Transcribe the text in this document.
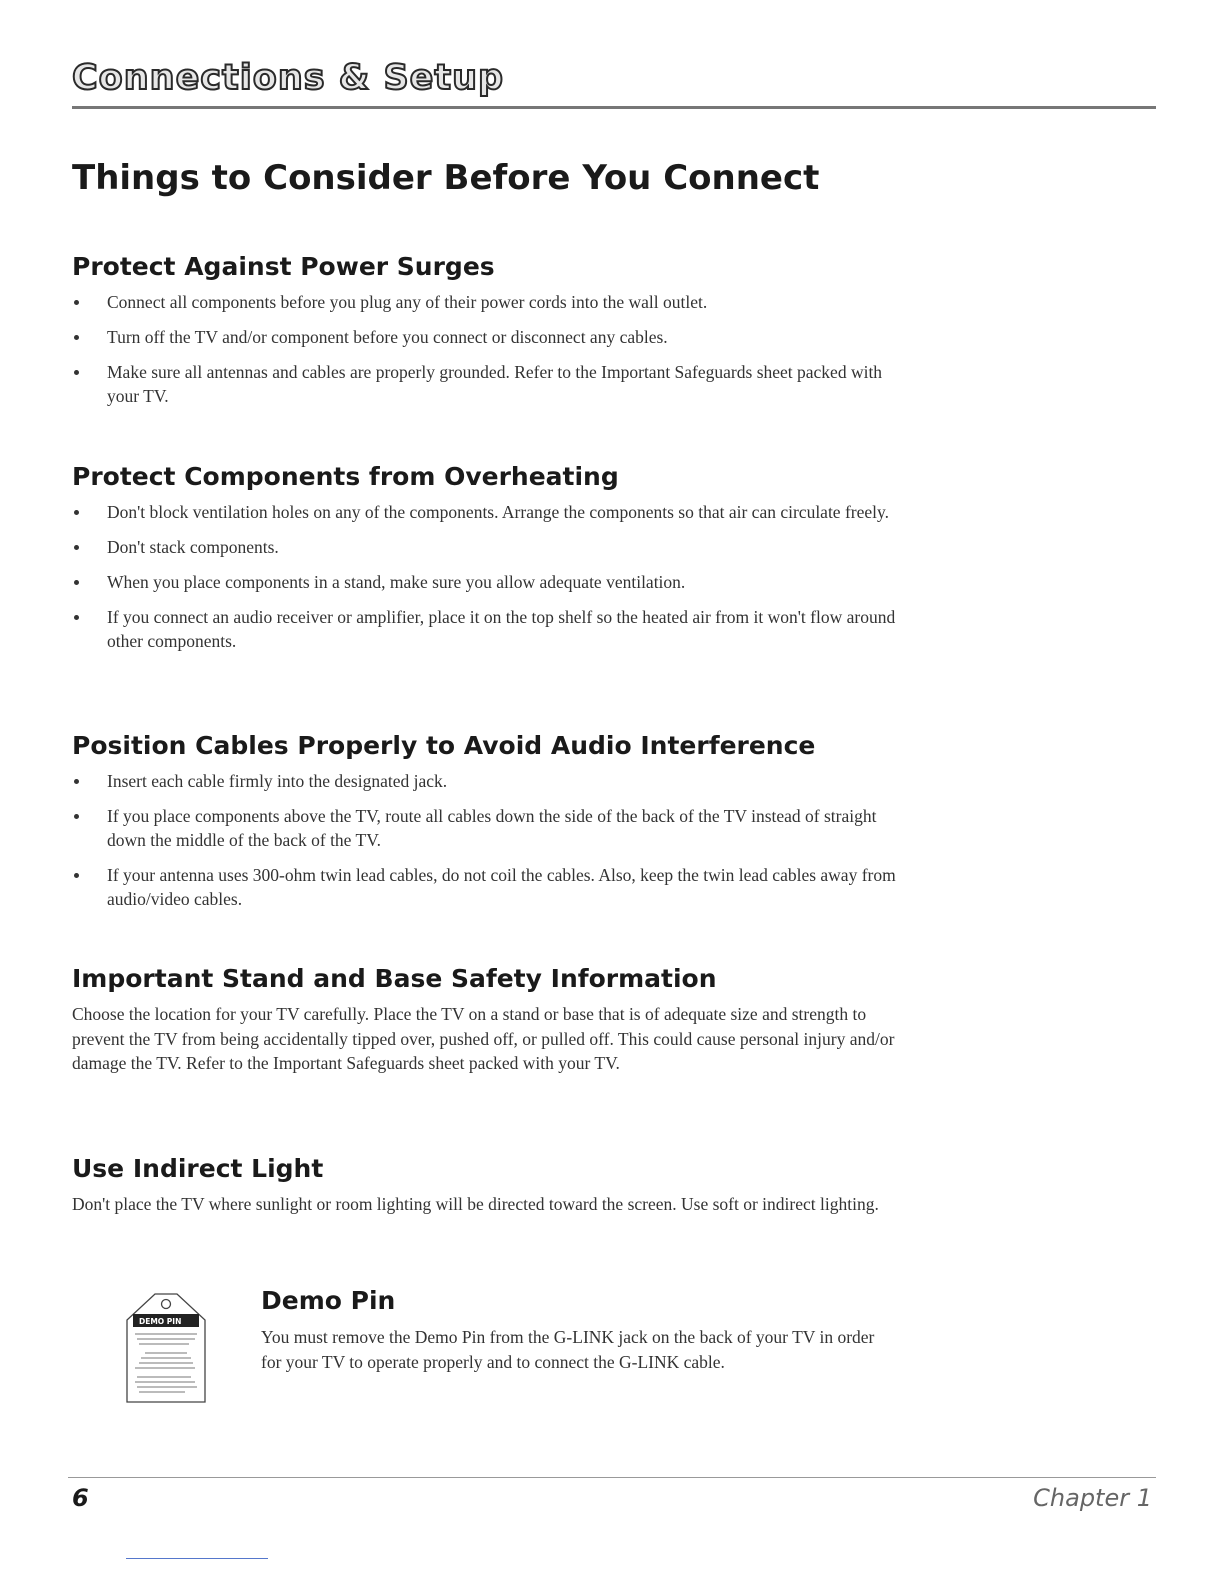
Connections & Setup
Things to Consider Before You Connect
Protect Against Power Surges
Connect all components before you plug any of their power cords into the wall outlet.
Turn off the TV and/or component before you connect or disconnect any cables.
Make sure all antennas and cables are properly grounded. Refer to the Important Safeguards sheet packed with your TV.
Protect Components from Overheating
Don't block ventilation holes on any of the components. Arrange the components so that air can circulate freely.
Don't stack components.
When you place components in a stand, make sure you allow adequate ventilation.
If you connect an audio receiver or amplifier, place it on the top shelf so the heated air from it won't flow around other components.
Position Cables Properly to Avoid Audio Interference
Insert each cable firmly into the designated jack.
If you place components above the TV, route all cables down the side of the back of the TV instead of straight down the middle of the back of the TV.
If your antenna uses 300-ohm twin lead cables, do not coil the cables. Also, keep the twin lead cables away from audio/video cables.
Important Stand and Base Safety Information

Choose the location for your TV carefully. Place the TV on a stand or base that is of adequate size and strength to prevent the TV from being accidentally tipped over, pushed off, or pulled off. This could cause personal injury and/or damage the TV. Refer to the Important Safeguards sheet packed with your TV.

Use Indirect Light

Don't place the TV where sunlight or room lighting will be directed toward the screen. Use soft or indirect lighting.

DEMO PIN
Demo Pin

You must remove the Demo Pin from the G-LINK jack on the back of your TV in order for your TV to operate properly and to connect the G-LINK cable.

6	Chapter 1
